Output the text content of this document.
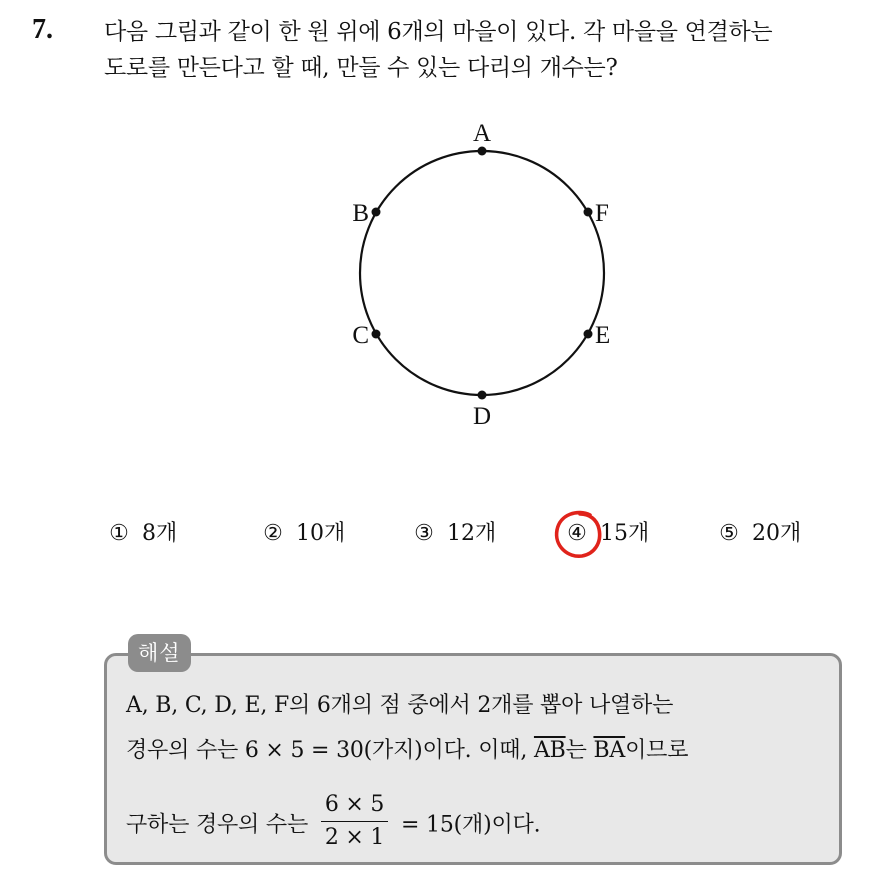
7. 다음 그림과 같이 한 원 위에 6개의 마을이 있다. 각 마을을 연결하는
도로를 만든다고 할 때, 만들 수 있는 다리의 개수는?
A
B
C
D
E
F
① 8개	② 10개	③ 12개	④ 15개	⑤ 20개
해설
A, B, C, D, E, F의 6개의 점 중에서 2개를 뽑아 나열하는
경우의 수는 6 × 5 = 30(가지)이다. 이때, $\overline{AB}$는 $\overline{BA}$이므로
구하는 경우의 수는 $\frac{6 \times 5}{2 \times 1} = 15$(개)이다.
